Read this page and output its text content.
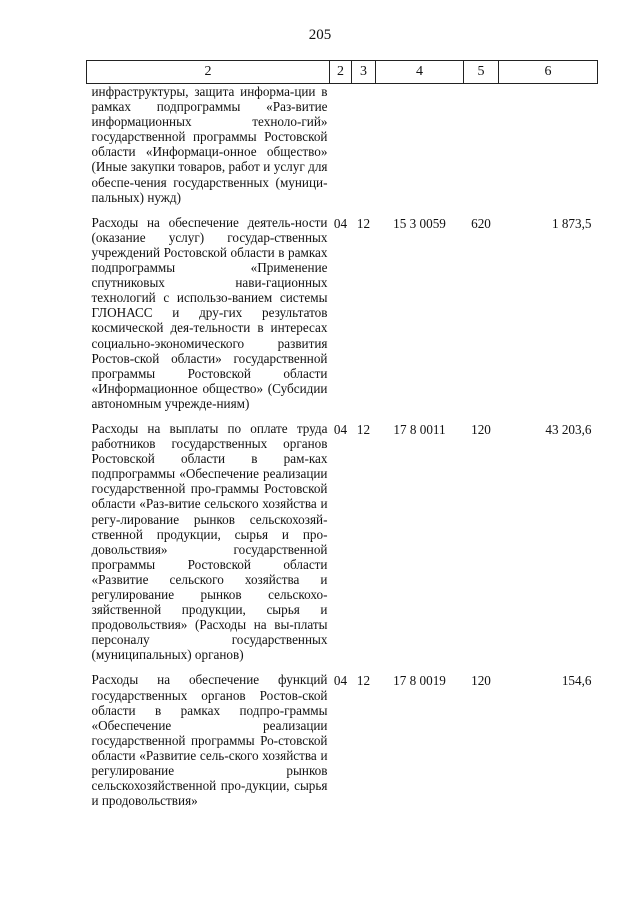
205
2	2	3	4	5	6

инфраструктуры, защита информа-ции в рамках подпрограммы «Раз-витие информационных техноло-гий» государственной программы Ростовской области «Информаци-онное общество» (Иные закупки товаров, работ и услуг для обеспе-чения государственных (муници-пальных) нужд)					

Расходы на обеспечение деятель-ности (оказание услуг) государ-ственных учреждений Ростовской области в рамках подпрограммы «Применение спутниковых нави-гационных технологий с использо-ванием системы ГЛОНАСС и дру-гих результатов космической дея-тельности в интересах социально-экономического развития Ростов-ской области» государственной программы Ростовской области «Информационное общество» (Субсидии автономным учрежде-ниям)	04	12	15 3 0059	620	1 873,5

Расходы на выплаты по оплате труда работников государственных органов Ростовской области в рам-ках подпрограммы «Обеспечение реализации государственной про-граммы Ростовской области «Раз-витие сельского хозяйства и регу-лирование рынков сельскохозяй-ственной продукции, сырья и про-довольствия» государственной программы Ростовской области «Развитие сельского хозяйства и регулирование рынков сельскохо-зяйственной продукции, сырья и продовольствия» (Расходы на вы-платы персоналу государственных (муниципальных) органов)	04	12	17 8 0011	120	43 203,6

Расходы на обеспечение функций государственных органов Ростов-ской области в рамках подпро-граммы «Обеспечение реализации государственной программы Ро-стовской области «Развитие сель-ского хозяйства и регулирование рынков сельскохозяйственной про-дукции, сырья и продовольствия»	04	12	17 8 0019	120	154,6
